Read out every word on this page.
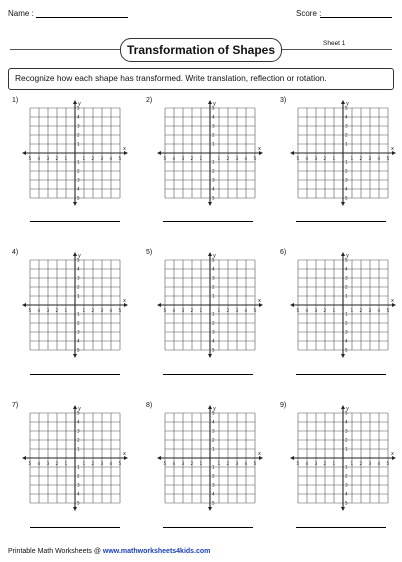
Name :	Score :
Transformation of Shapes	Sheet 1
Recognize how each shape has transformed. Write translation, reflection or rotation.
1)	2)	3)
4)	5)	6)
7)	8)	9)
x
y
5
5
4
4
3
3
2
2
1
1
1
1
2
2
3
3
4
4
5
5
x
y
5
5
4
4
3
3
2
2
1
1
1
1
2
2
3
3
4
4
5
5
x
y
5
5
4
4
3
3
2
2
1
1
1
1
2
2
3
3
4
4
5
5
x
y
5
5
4
4
3
3
2
2
1
1
1
1
2
2
3
3
4
4
5
5
x
y
5
5
4
4
3
3
2
2
1
1
1
1
2
2
3
3
4
4
5
5
x
y
5
5
4
4
3
3
2
2
1
1
1
1
2
2
3
3
4
4
5
5
x
y
5
5
4
4
3
3
2
2
1
1
1
1
2
2
3
3
4
4
5
5
x
y
5
5
4
4
3
3
2
2
1
1
1
1
2
2
3
3
4
4
5
5
x
y
5
5
4
4
3
3
2
2
1
1
1
1
2
2
3
3
4
4
5
5
Printable Math Worksheets @ www.mathworksheets4kids.com
